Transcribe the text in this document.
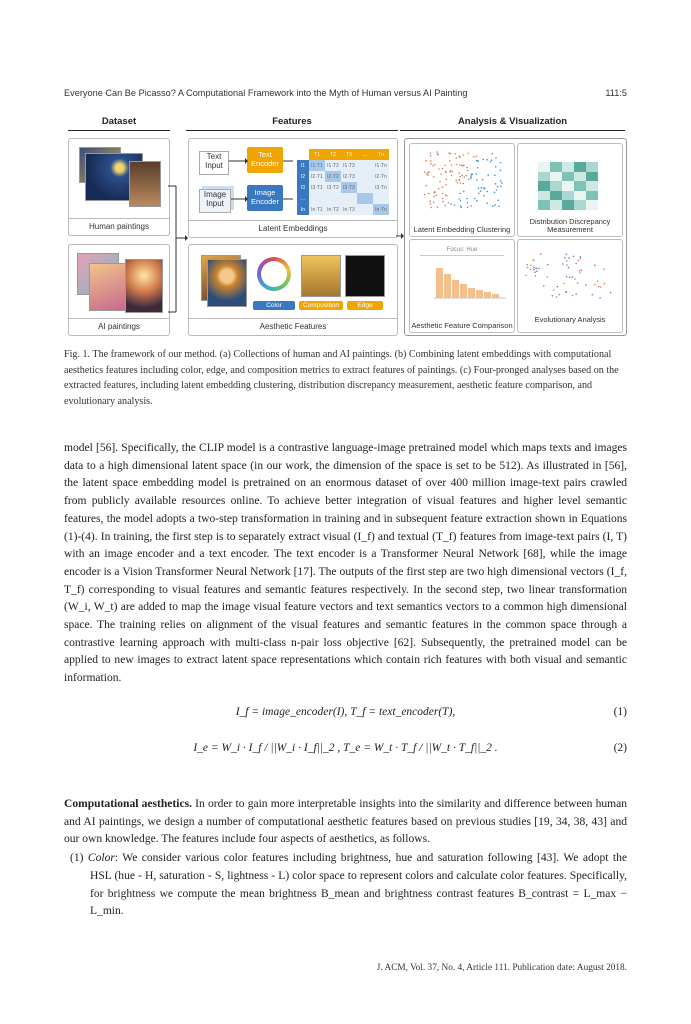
Everyone Can Be Picasso? A Computational Framework into the Myth of Human versus AI Painting	111:5
Dataset	Features	Analysis & Visualization
Human paintings
AI paintings
Text Input
Text Encoder
Image Input
Image Encoder
	T1	T2	T3	...	Tn
I1	I1·T1	I1·T2	I1·T3		I1·Tn
I2	I2·T1	I2·T2	I2·T3		I2·Tn
I3	I3·T1	I3·T2	I3·T3		I3·Tn
...					
In	In·T1	In·T2	In·T3		In·Tn
Latent Embeddings
Color	Composition	Edge
Aesthetic Features
Latent Embedding Clustering
Distribution Discrepancy Measurement
Focus: Hue
Aesthetic Feature Comparison
Evolutionary Analysis
Fig. 1. The framework of our method. (a) Collections of human and AI paintings. (b) Combining latent embeddings with computational aesthetics features including color, edge, and composition metrics to extract features of paintings. (c) Four-pronged analyses based on the extracted features, including latent embedding clustering, distribution discrepancy measurement, aesthetic feature comparison, and evolutionary analysis.

model [56]. Specifically, the CLIP model is a contrastive language-image pretrained model which maps texts and images data to a high dimensional latent space (in our work, the dimension of the space is set to be 512). As illustrated in [56], the latent space embedding model is pretrained on an enormous dataset of over 400 million image-text pairs crawled from publicly available resources online. To achieve better integration of visual features and higher level semantic features, the model adopts a two-step transformation in training and in subsequent feature extraction shown in Equations (1)-(4). In training, the first step is to separately extract visual (I_f) and textual (T_f) features from image-text pairs (I, T) with an image encoder and a text encoder. The text encoder is a Transformer Neural Network [68], while the image encoder is a Vision Transformer Neural Network [17]. The outputs of the first step are two high dimensional vectors (I_f, T_f) corresponding to visual features and semantic features respectively. In the second step, two linear transformation (W_i, W_t) are added to map the image visual feature vectors and text semantics vectors to a common high dimensional space. The training relies on alignment of the visual features and semantic features in the common space through a contrastive learning approach with multi-class n-pair loss objective [62]. Subsequently, the pretrained model can be applied to new images to extract latent space representations which contain rich features with both visual and semantic information.

I_f = image_encoder(I), T_f = text_encoder(T),	(1)
I_e = W_i · I_f / ||W_i · I_f||_2 , T_e = W_t · T_f / ||W_t · T_f||_2 .	(2)

Computational aesthetics. In order to gain more interpretable insights into the similarity and difference between human and AI paintings, we design a number of computational aesthetic features based on previous studies [19, 34, 38, 43] and our own knowledge. The features include four aspects of aesthetics, as follows.

(1) Color: We consider various color features including brightness, hue and saturation following [43]. We adopt the HSL (hue - H, saturation - S, lightness - L) color space to represent colors and calculate color features. Specifically, for brightness we compute the mean brightness B_mean and brightness contrast features B_contrast = L_max − L_min.

J. ACM, Vol. 37, No. 4, Article 111. Publication date: August 2018.
